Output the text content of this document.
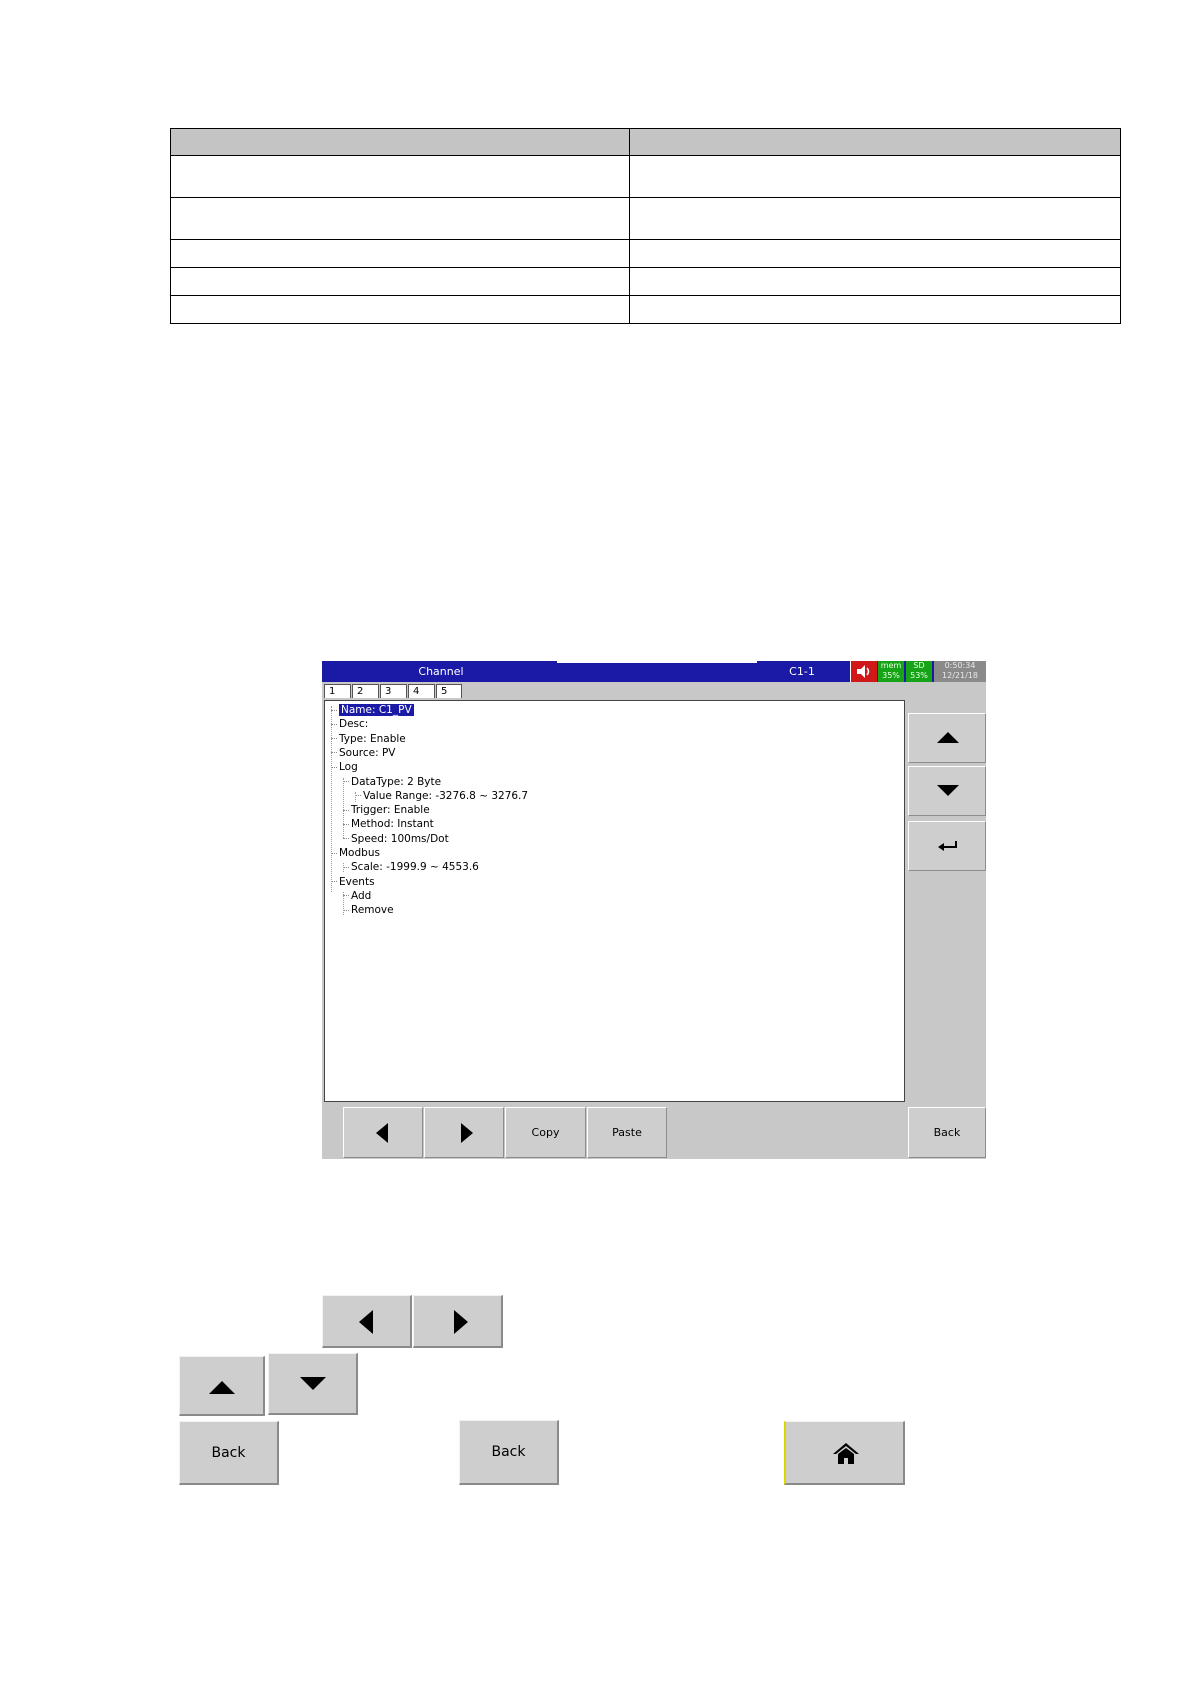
Channel	C1-1	mem
35%
SD
53%
0:50:34
12/21/18
1	2	3	4	5
Name: C1_PV
Desc:
Type: Enable
Source: PV
Log
DataType: 2 Byte
Value Range: -3276.8 ~ 3276.7
Trigger: Enable
Method: Instant
Speed: 100ms/Dot
Modbus
Scale: -1999.9 ~ 4553.6
Events
Add
Remove
Copy	Paste	Back
Back	Back
